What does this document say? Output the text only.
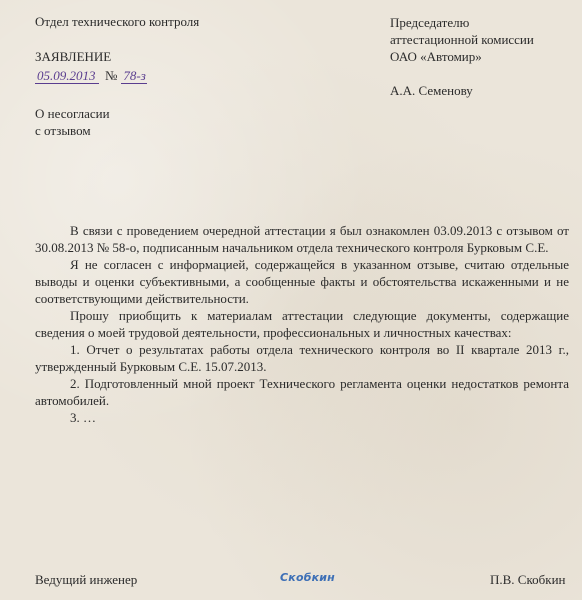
Отдел технического контроля	Председателю
аттестационной комиссии
ОАО «Автомир»
А.А. Семенову
ЗАЯВЛЕНИЕ
05.09.2013 № 78-з
О несогласии
с отзывом

В связи с проведением очередной аттестации я был ознакомлен 03.09.2013 с отзывом от 30.08.2013 № 58-о, подписанным начальником отдела технического контроля Бурковым С.Е.

Я не согласен с информацией, содержащейся в указанном отзыве, считаю отдельные выводы и оценки субъективными, а сообщенные факты и обстоятельства искаженными и не соответствующими действительности.

Прошу приобщить к материалам аттестации следующие документы, содержащие сведения о моей трудовой деятельности, профессиональных и личностных качествах:

1. Отчет о результатах работы отдела технического контроля во II квартале 2013 г., утвержденный Бурковым С.Е. 15.07.2013.

2. Подготовленный мной проект Технического регламента оценки недостатков ремонта автомобилей.

3. …

Ведущий инженер	Скобкин	П.В. Скобкин
